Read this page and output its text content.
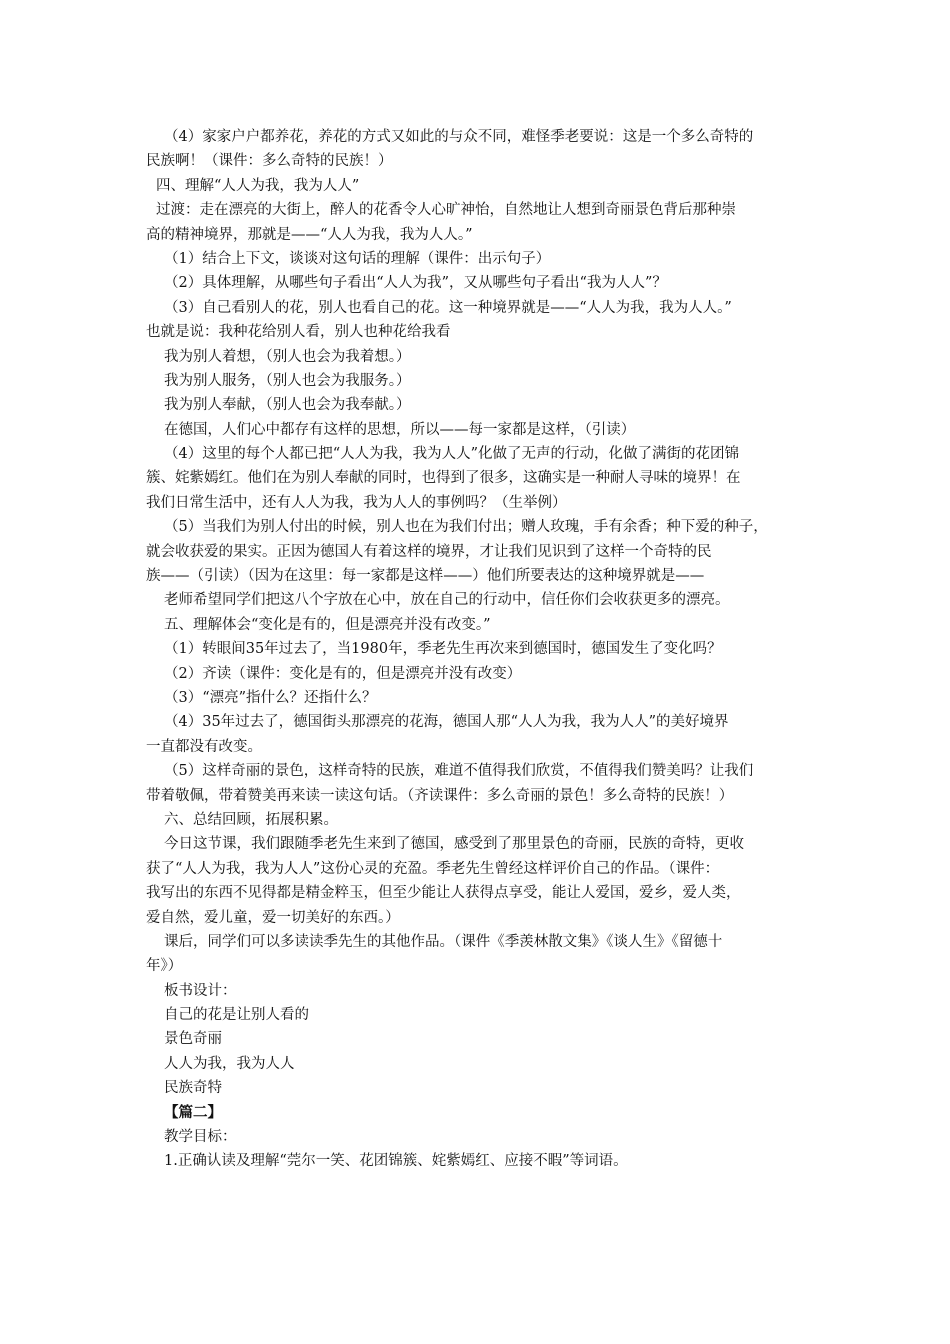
（4）家家户户都养花，养花的方式又如此的与众不同，难怪季老要说：这是一个多么奇特的
民族啊！（课件：多么奇特的民族！）
四、理解“人人为我，我为人人”
过渡：走在漂亮的大街上，醉人的花香令人心旷神怡，自然地让人想到奇丽景色背后那种崇
高的精神境界，那就是——“人人为我，我为人人。”
（1）结合上下文，谈谈对这句话的理解（课件：出示句子）
（2）具体理解，从哪些句子看出“人人为我”，又从哪些句子看出“我为人人”？
（3）自己看别人的花，别人也看自己的花。这一种境界就是——“人人为我，我为人人。”
也就是说：我种花给别人看，别人也种花给我看
我为别人着想，（别人也会为我着想。）
我为别人服务，（别人也会为我服务。）
我为别人奉献，（别人也会为我奉献。）
在德国，人们心中都存有这样的思想，所以——每一家都是这样，（引读）
（4）这里的每个人都已把“人人为我，我为人人”化做了无声的行动，化做了满街的花团锦
簇、姹紫嫣红。他们在为别人奉献的同时，也得到了很多，这确实是一种耐人寻味的境界！在
我们日常生活中，还有人人为我，我为人人的事例吗？（生举例）
（5）当我们为别人付出的时候，别人也在为我们付出；赠人玫瑰，手有余香；种下爱的种子，
就会收获爱的果实。正因为德国人有着这样的境界，才让我们见识到了这样一个奇特的民
族——（引读）（因为在这里：每一家都是这样——）他们所要表达的这种境界就是——
老师希望同学们把这八个字放在心中，放在自己的行动中，信任你们会收获更多的漂亮。
五、理解体会“变化是有的，但是漂亮并没有改变。”
（1）转眼间35年过去了，当1980年，季老先生再次来到德国时，德国发生了变化吗？
（2）齐读（课件：变化是有的，但是漂亮并没有改变）
（3）“漂亮”指什么？还指什么？
（4）35年过去了，德国街头那漂亮的花海，德国人那“人人为我，我为人人”的美好境界
一直都没有改变。
（5）这样奇丽的景色，这样奇特的民族，难道不值得我们欣赏，不值得我们赞美吗？让我们
带着敬佩，带着赞美再来读一读这句话。（齐读课件：多么奇丽的景色！多么奇特的民族！）
六、总结回顾，拓展积累。
今日这节课，我们跟随季老先生来到了德国，感受到了那里景色的奇丽，民族的奇特，更收
获了“人人为我，我为人人”这份心灵的充盈。季老先生曾经这样评价自己的作品。（课件：
我写出的东西不见得都是精金粹玉，但至少能让人获得点享受，能让人爱国，爱乡，爱人类，
爱自然，爱儿童，爱一切美好的东西。）
课后，同学们可以多读读季先生的其他作品。（课件《季羡林散文集》《谈人生》《留德十
年》）
板书设计：
自己的花是让别人看的
景色奇丽
人人为我，我为人人
民族奇特
【篇二】
教学目标：
1.正确认读及理解“莞尔一笑、花团锦簇、姹紫嫣红、应接不暇”等词语。
